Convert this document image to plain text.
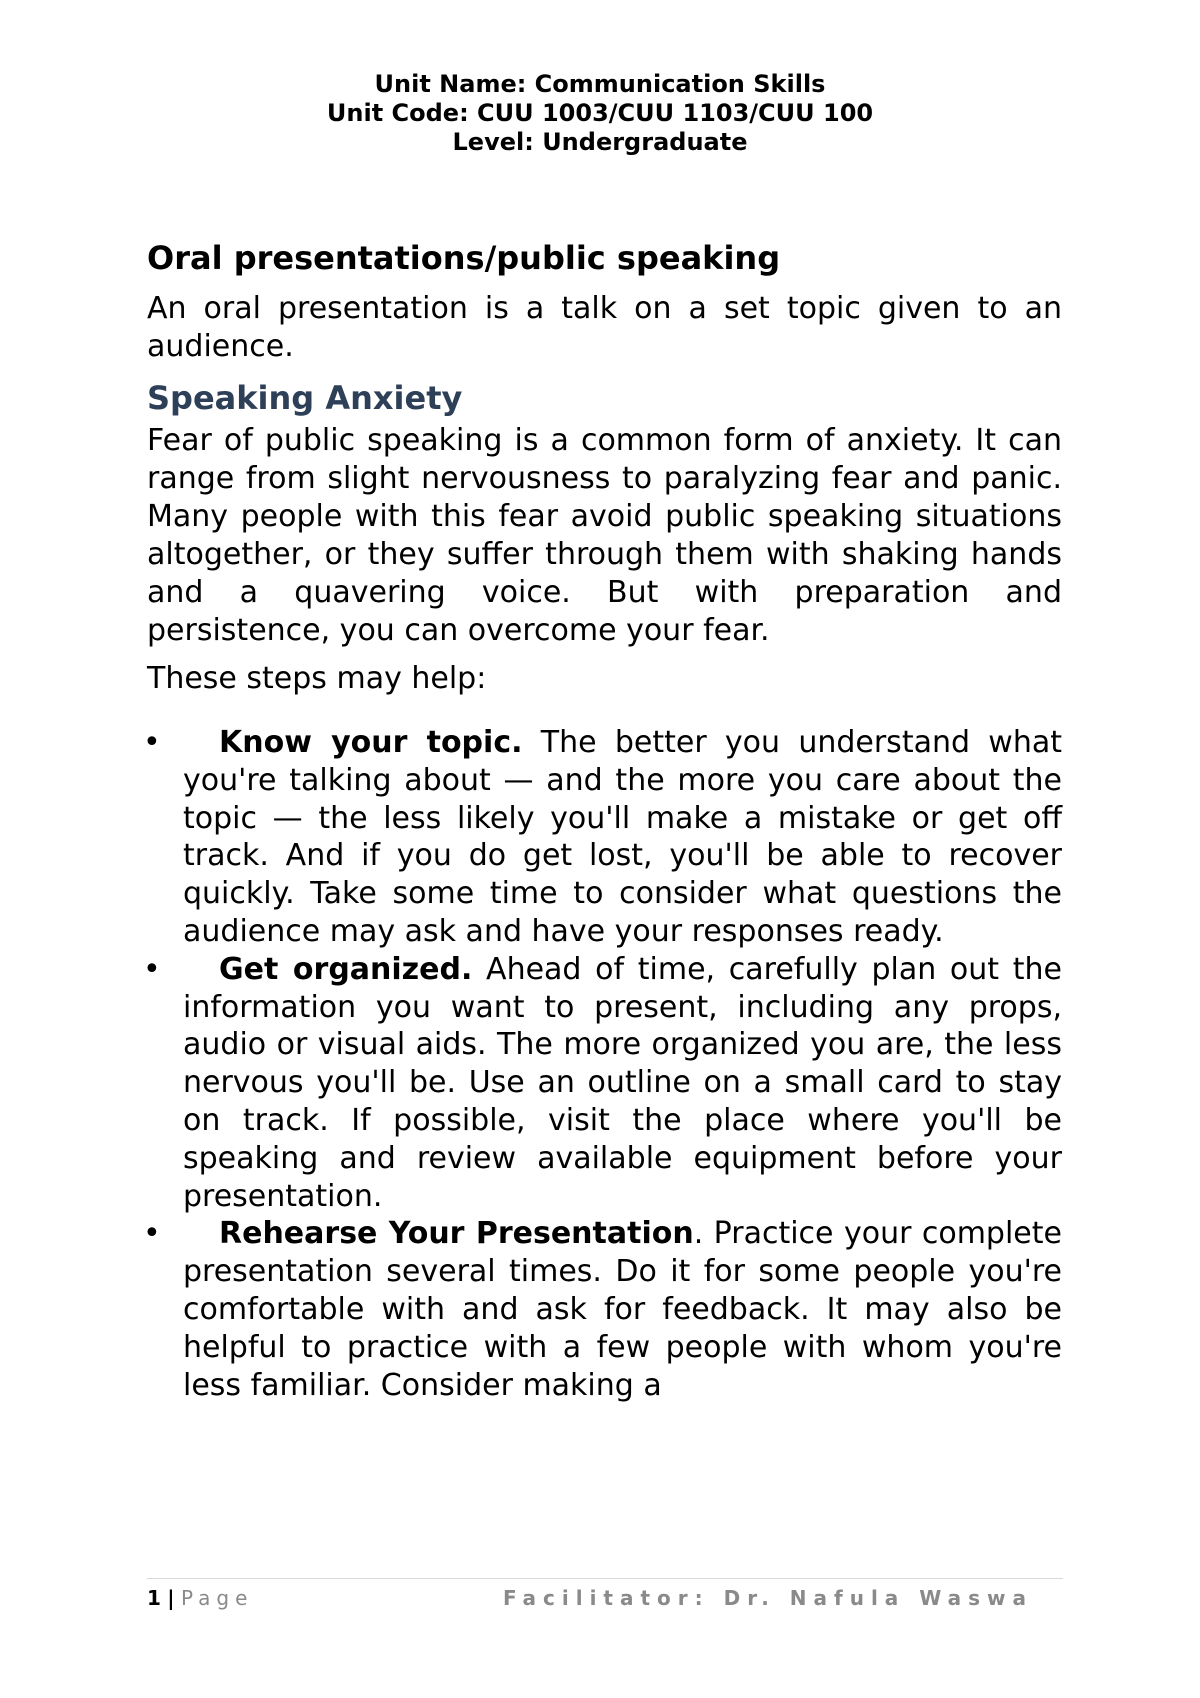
Unit Name: Communication Skills
Unit Code: CUU 1003/CUU 1103/CUU 100
Level: Undergraduate
Oral presentations/public speaking

An oral presentation is a talk on a set topic given to an audience.

Speaking Anxiety

Fear of public speaking is a common form of anxiety. It can range from slight nervousness to paralyzing fear and panic. Many people with this fear avoid public speaking situations altogether, or they suffer through them with shaking hands and a quavering voice. But with preparation and persistence, you can overcome your fear.

These steps may help:

• Know your topic. The better you understand what you're talking about — and the more you care about the topic — the less likely you'll make a mistake or get off track. And if you do get lost, you'll be able to recover quickly. Take some time to consider what questions the audience may ask and have your responses ready.
• Get organized. Ahead of time, carefully plan out the information you want to present, including any props, audio or visual aids. The more organized you are, the less nervous you'll be. Use an outline on a small card to stay on track. If possible, visit the place where you'll be speaking and review available equipment before your presentation.
• Rehearse Your Presentation. Practice your complete presentation several times. Do it for some people you're comfortable with and ask for feedback. It may also be helpful to practice with a few people with whom you're less familiar. Consider making a
1 | Page	Facilitator: Dr. Nafula Waswa
